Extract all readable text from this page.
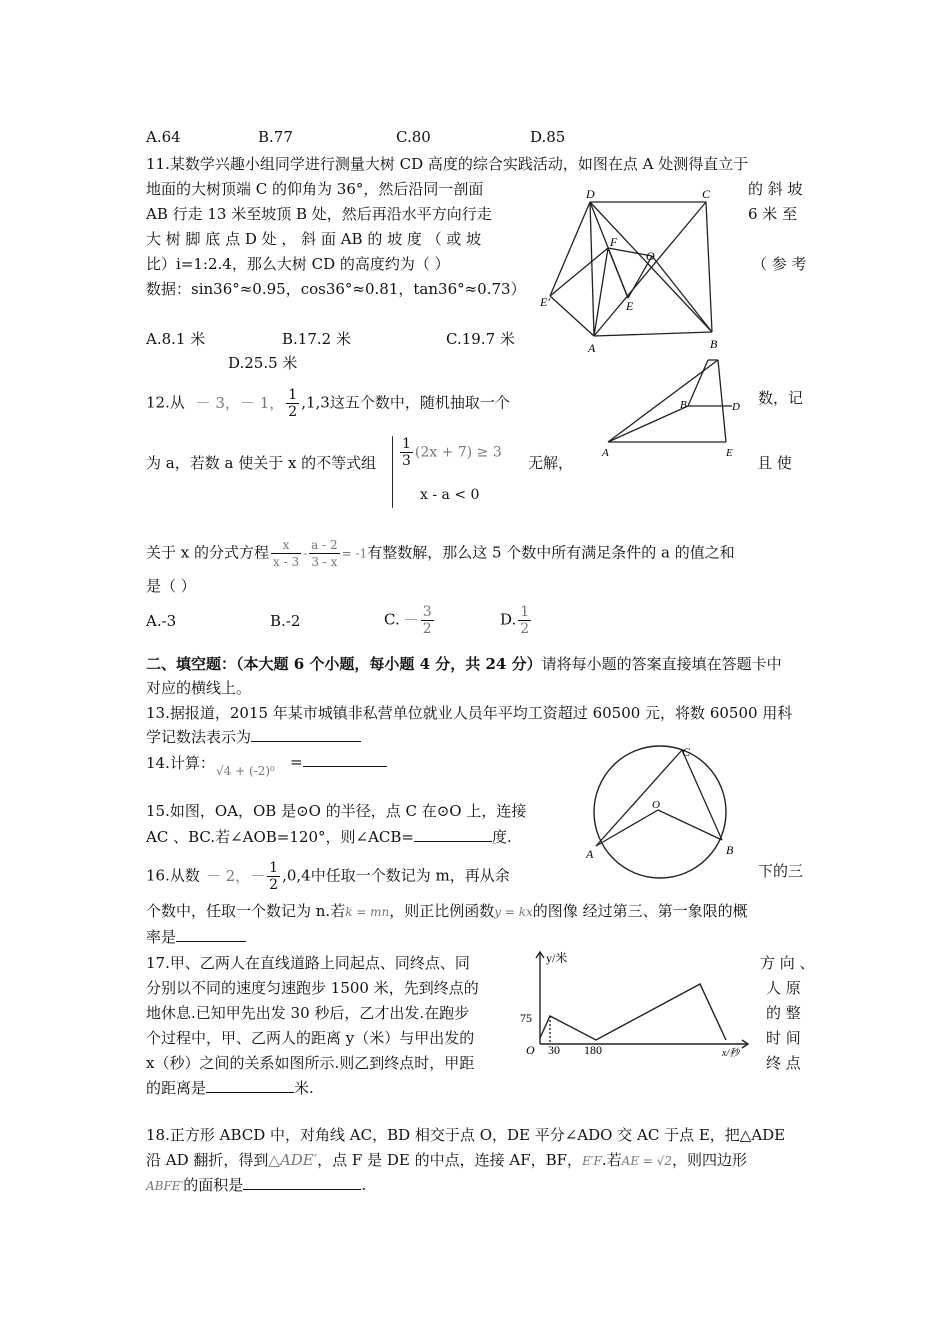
A.64	B.77	C.80	D.85
11.某数学兴趣小组同学进行测量大树 CD 高度的综合实践活动，如图在点 A 处测得直立于
地面的大树顶端 C 的仰角为 36°，然后沿同一剖面	的 斜 坡
AB 行走 13 米至坡顶 B 处，然后再沿水平方向行走	6 米 至
大 树 脚 底 点 D 处 ， 斜 面 AB 的 坡 度 （ 或 坡
比）i=1:2.4，那么大树 CD 的高度约为（ ）	（ 参 考
数据：sin36°≈0.95，cos36°≈0.81，tan36°≈0.73）
A.8.1 米	B.17.2 米	C.19.7 米
D.25.5 米
D	C
F
O
E′	E
A	B
12.从 － 3，－ 1， $\frac{1}{2} ,1,3$这五个数中，随机抽取一个	数，记
B	D
A	E
为 a，若数 a 使关于 x 的不等式组 $\frac{1}{3} (2x + 7) \ge 3$
无解，	且 使
x - a < 0
关于 x 的分式方程 $\frac{x}{x - 3} - \frac{a - 2}{3 - x} = -1$有整数解，那么这 5 个数中所有满足条件的 a 的值之和
是（ ）
A.-3	B.-2	C. － $\frac{3}{2}$	D. $\frac{1}{2}$
二、填空题：（本大题 6 个小题，每小题 4 分，共 24 分）请将每小题的答案直接填在答题卡中
对应的横线上。
13.据报道，2015 年某市城镇非私营单位就业人员年平均工资超过 60500 元，将数 60500 用科
学记数法表示为
14.计算： √4 + (-2)⁰ =
C
O
A	B
15.如图，OA，OB 是⊙O 的半径，点 C 在⊙O 上，连接
AC 、BC.若∠AOB=120°，则∠ACB=	度.
16.从数 － 2，－ $\frac{1}{2} ,0,4$中任取一个数记为 m，再从余	下的三
个数中，任取一个数记为 n.若k = mn，则正比例函数y = kx的图像 经过第三、第一象限的概
率是
17.甲、乙两人在直线道路上同起点、同终点、同	方 向 、
分别以不同的速度匀速跑步 1500 米，先到终点的	人 原
地休息.已知甲先出发 30 秒后，乙才出发.在跑步	的 整
个过程中，甲、乙两人的距离 y（米）与甲出发的	时 间
x（秒）之间的关系如图所示.则乙到终点时，甲距	终 点
的距离是	米.
y/米
x/秒
75
O 30 180
18.正方形 ABCD 中，对角线 AC，BD 相交于点 O，DE 平分∠ADO 交 AC 于点 E，把△ADE
沿 AD 翻折，得到△ADE′，点 F 是 DE 的中点，连接 AF，BF，E′F.若AE = √2，则四边形
ABFE′的面积是	.
